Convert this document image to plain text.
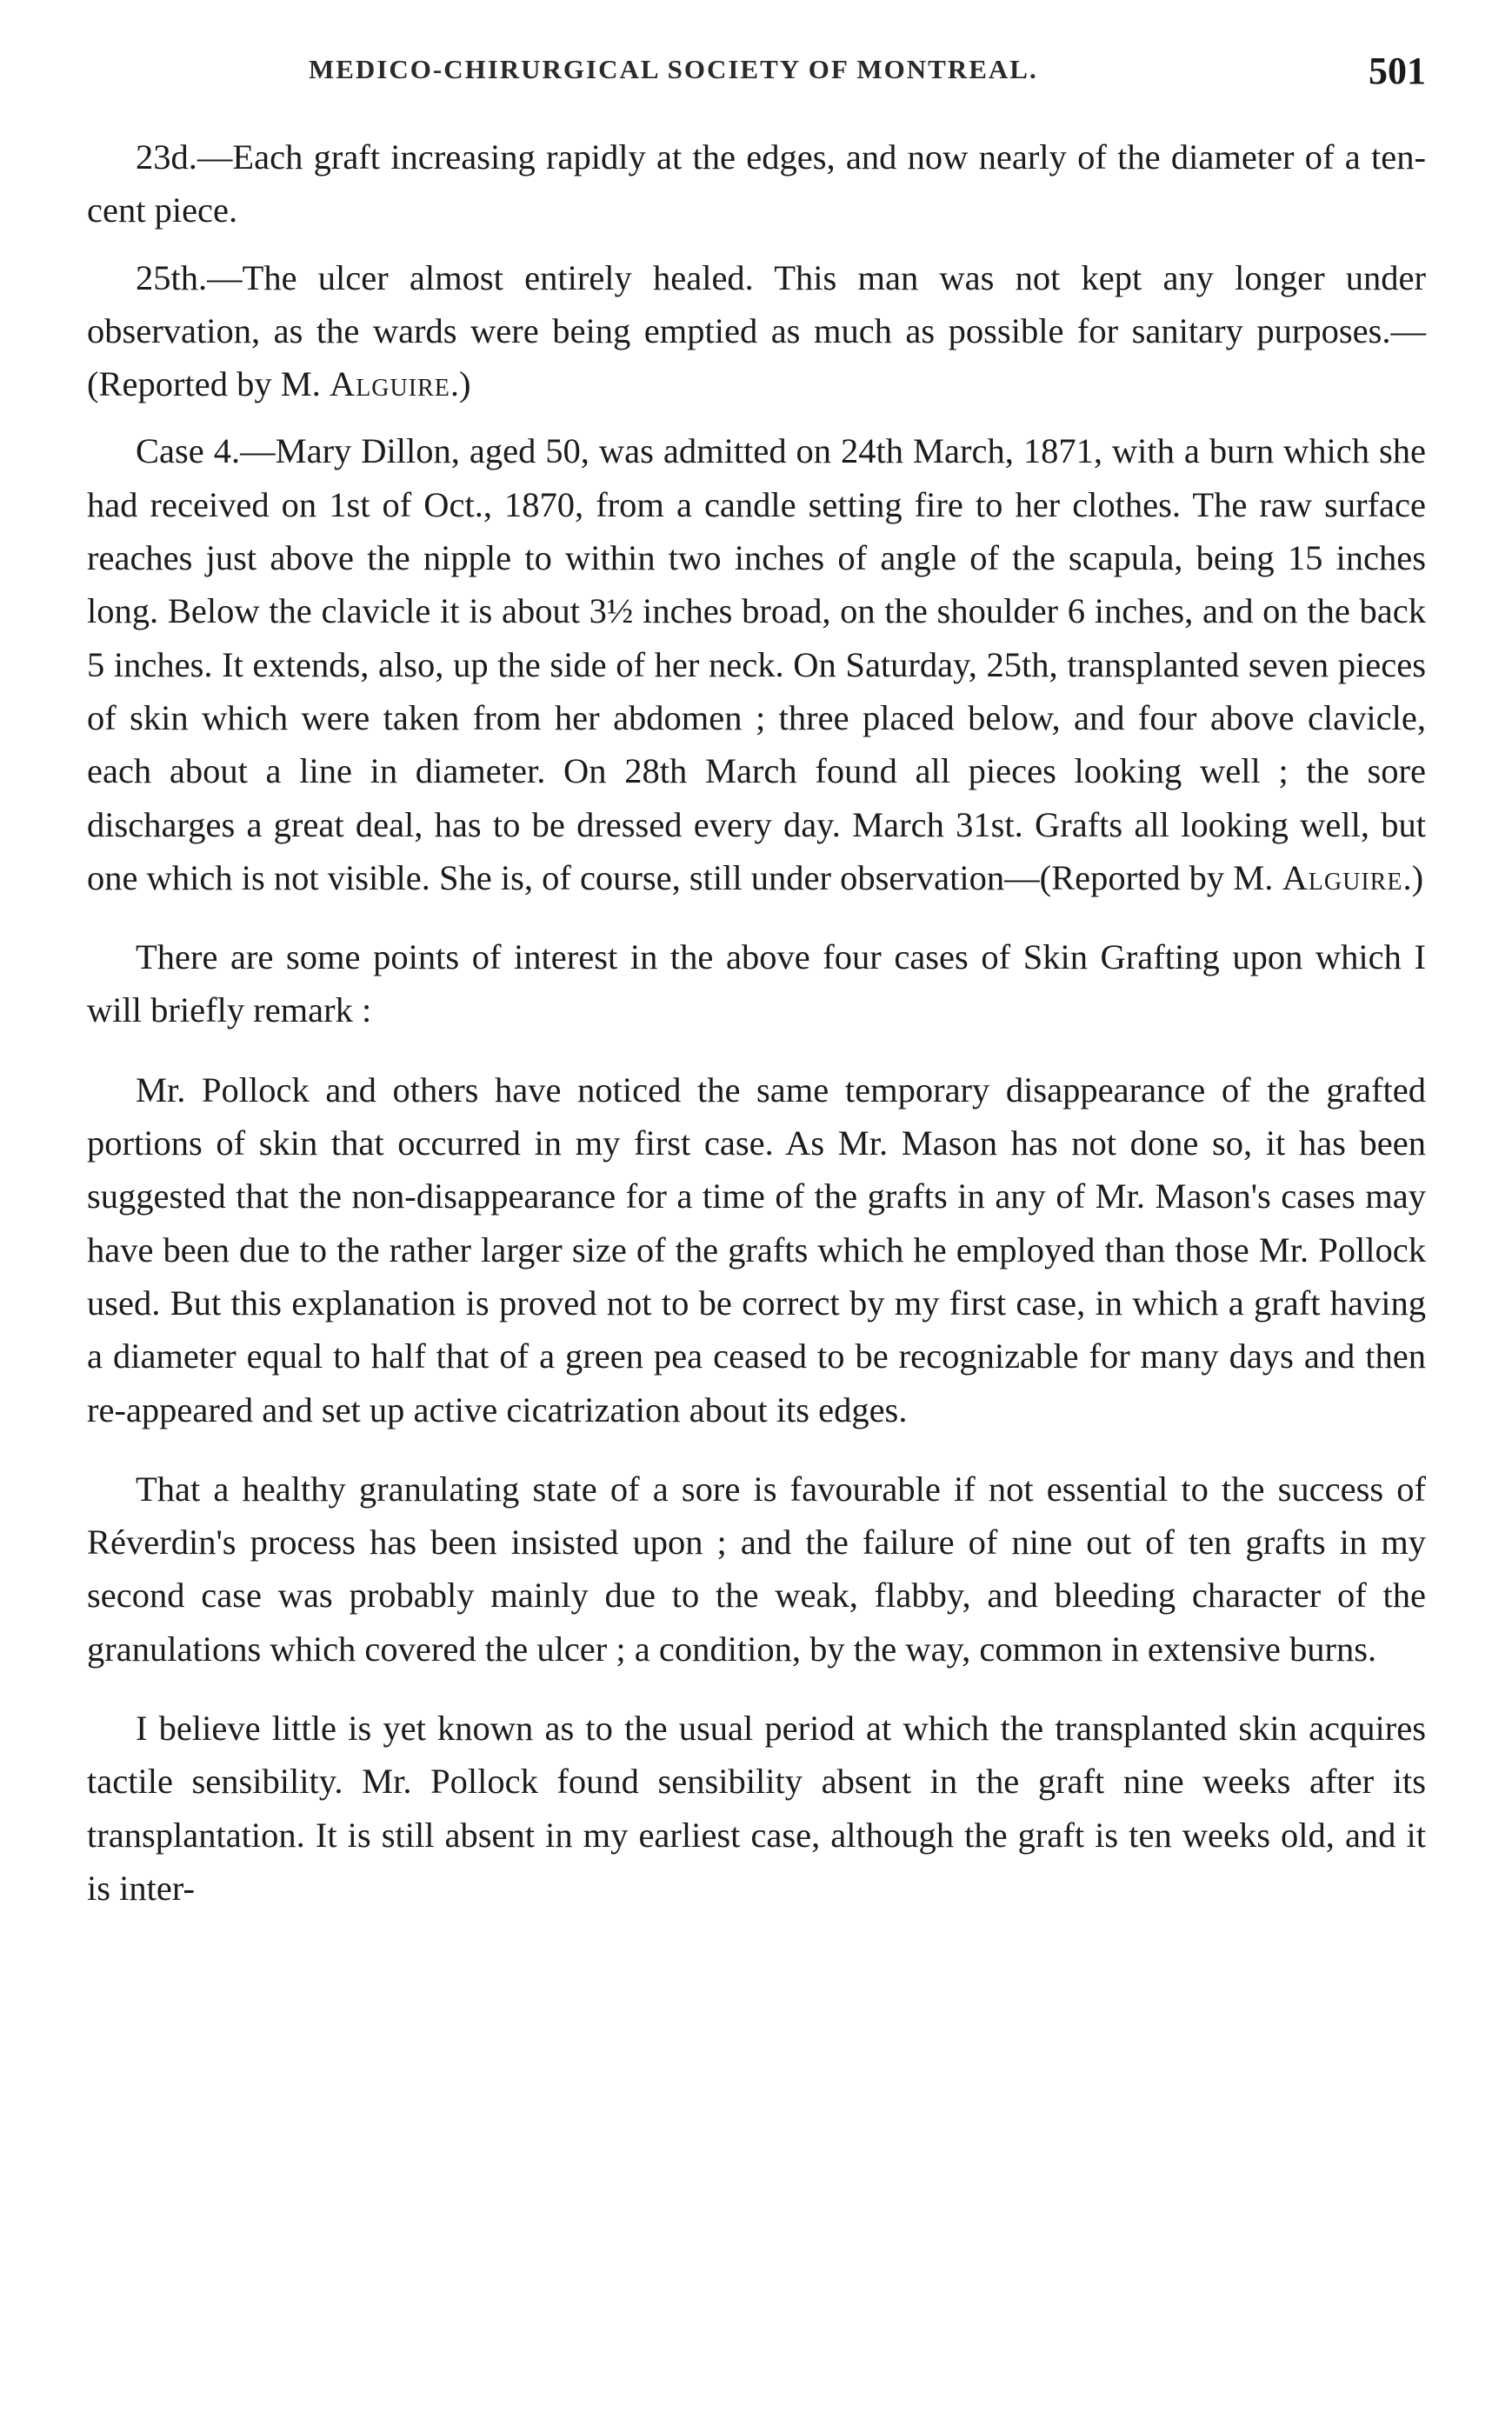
MEDICO-CHIRURGICAL SOCIETY OF MONTREAL.	501

23d.—Each graft increasing rapidly at the edges, and now nearly of the diameter of a ten-cent piece.

25th.—The ulcer almost entirely healed. This man was not kept any longer under observation, as the wards were being emptied as much as possible for sanitary purposes.—(Reported by M. Alguire.)

Case 4.—Mary Dillon, aged 50, was admitted on 24th March, 1871, with a burn which she had received on 1st of Oct., 1870, from a candle setting fire to her clothes. The raw surface reaches just above the nipple to within two inches of angle of the scapula, being 15 inches long. Below the clavicle it is about 3½ inches broad, on the shoulder 6 inches, and on the back 5 inches. It extends, also, up the side of her neck. On Saturday, 25th, transplanted seven pieces of skin which were taken from her abdomen ; three placed below, and four above clavicle, each about a line in diameter. On 28th March found all pieces looking well ; the sore discharges a great deal, has to be dressed every day. March 31st. Grafts all looking well, but one which is not visible. She is, of course, still under observation—(Reported by M. Alguire.)

There are some points of interest in the above four cases of Skin Grafting upon which I will briefly remark :

Mr. Pollock and others have noticed the same temporary disappearance of the grafted portions of skin that occurred in my first case. As Mr. Mason has not done so, it has been suggested that the non-disappearance for a time of the grafts in any of Mr. Mason's cases may have been due to the rather larger size of the grafts which he employed than those Mr. Pollock used. But this explanation is proved not to be correct by my first case, in which a graft having a diameter equal to half that of a green pea ceased to be recognizable for many days and then re-appeared and set up active cicatrization about its edges.

That a healthy granulating state of a sore is favourable if not essential to the success of Réverdin's process has been insisted upon ; and the failure of nine out of ten grafts in my second case was probably mainly due to the weak, flabby, and bleeding character of the granulations which covered the ulcer ; a condition, by the way, common in extensive burns.

I believe little is yet known as to the usual period at which the transplanted skin acquires tactile sensibility. Mr. Pollock found sensibility absent in the graft nine weeks after its transplantation. It is still absent in my earliest case, although the graft is ten weeks old, and it is inter-
